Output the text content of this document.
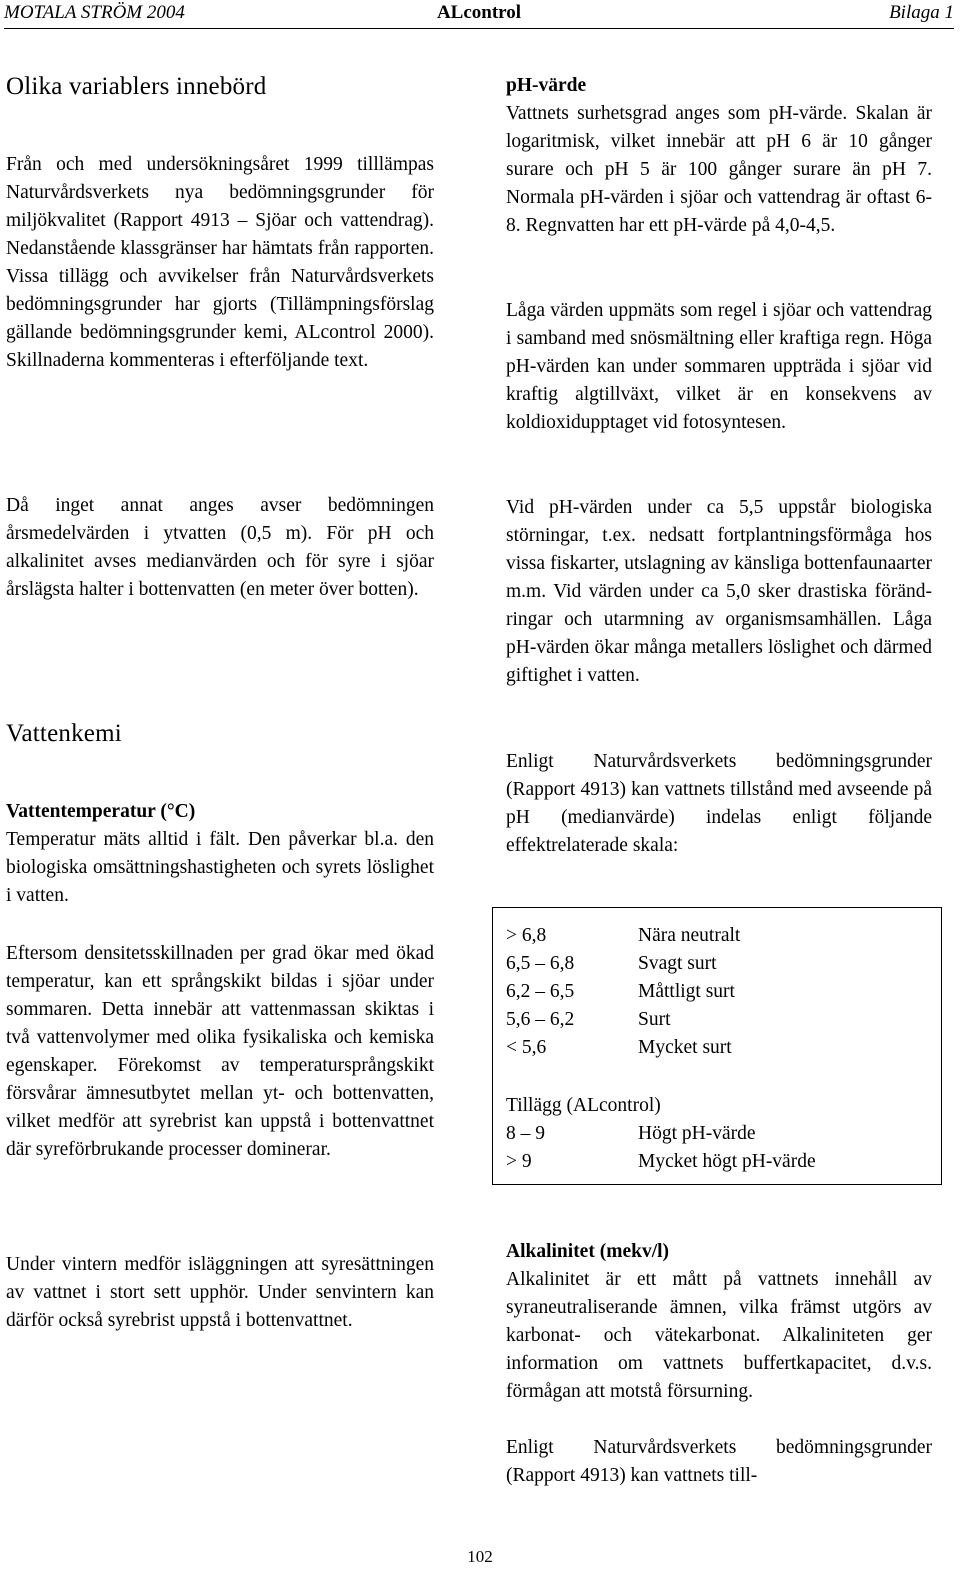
MOTALA STRÖM 2004	ALcontrol	Bilaga 1
Olika variablers innebörd
Från och med undersökningsåret 1999 tilllämpas Naturvårdsverkets nya bedömningsgrunder för miljökvalitet (Rapport 4913 – Sjöar och vattendrag). Nedanstående klassgränser har hämtats från rapporten. Vissa tillägg och avvikelser från Naturvårdsverkets bedömningsgrunder har gjorts (Tillämpningsförslag gällande bedömningsgrunder kemi, ALcontrol 2000). Skillnaderna kommenteras i efterföljande text.
Då inget annat anges avser bedömningen årsmedelvärden i ytvatten (0,5 m). För pH och alkalinitet avses medianvärden och för syre i sjöar årslägsta halter i bottenvatten (en meter över botten).
Vattenkemi
Vattentemperatur (°C)
Temperatur mäts alltid i fält. Den påverkar bl.a. den biologiska omsättningshastigheten och syrets löslighet i vatten.
Eftersom densitetsskillnaden per grad ökar med ökad temperatur, kan ett språngskikt bildas i sjöar under sommaren. Detta innebär att vattenmassan skiktas i två vattenvolymer med olika fysikaliska och kemiska egenskaper. Förekomst av temperatursprångskikt försvårar ämnesutbytet mellan yt- och bottenvatten, vilket medför att syrebrist kan uppstå i bottenvattnet där syreförbrukande processer dominerar.
Under vintern medför isläggningen att syresättningen av vattnet i stort sett upphör. Under senvintern kan därför också syrebrist uppstå i bottenvattnet.
pH-värde
Vattnets surhetsgrad anges som pH-värde. Skalan är logaritmisk, vilket innebär att pH 6 är 10 gånger surare och pH 5 är 100 gånger surare än pH 7. Normala pH-värden i sjöar och vattendrag är oftast 6-8. Regnvatten har ett pH-värde på 4,0-4,5.
Låga värden uppmäts som regel i sjöar och vattendrag i samband med snösmältning eller kraftiga regn. Höga pH-värden kan under sommaren uppträda i sjöar vid kraftig algtillväxt, vilket är en konsekvens av koldioxidupptaget vid fotosyntesen.
Vid pH-värden under ca 5,5 uppstår biologiska störningar, t.ex. nedsatt fortplantningsförmåga hos vissa fiskarter, utslagning av känsliga bottenfaunaarter m.m. Vid värden under ca 5,0 sker drastiska förändringar och utarmning av organismsamhällen. Låga pH-värden ökar många metallers löslighet och därmed giftighet i vatten.
Enligt Naturvårdsverkets bedömningsgrunder (Rapport 4913) kan vattnets tillstånd med avseende på pH (medianvärde) indelas enligt följande effektrelaterade skala:
Alkalinitet (mekv/l)
Alkalinitet är ett mått på vattnets innehåll av syraneutraliserande ämnen, vilka främst utgörs av karbonat- och vätekarbonat. Alkaliniteten ger information om vattnets buffertkapacitet, d.v.s. förmågan att motstå försurning.
Enligt Naturvårdsverkets bedömningsgrunder (Rapport 4913) kan vattnets till-
> 6,8	Nära neutralt
6,5 – 6,8	Svagt surt
6,2 – 6,5	Måttligt surt
5,6 – 6,2	Surt
< 5,6	Mycket surt
Tillägg (ALcontrol)
8 – 9	Högt pH-värde
> 9	Mycket högt pH-värde
102
